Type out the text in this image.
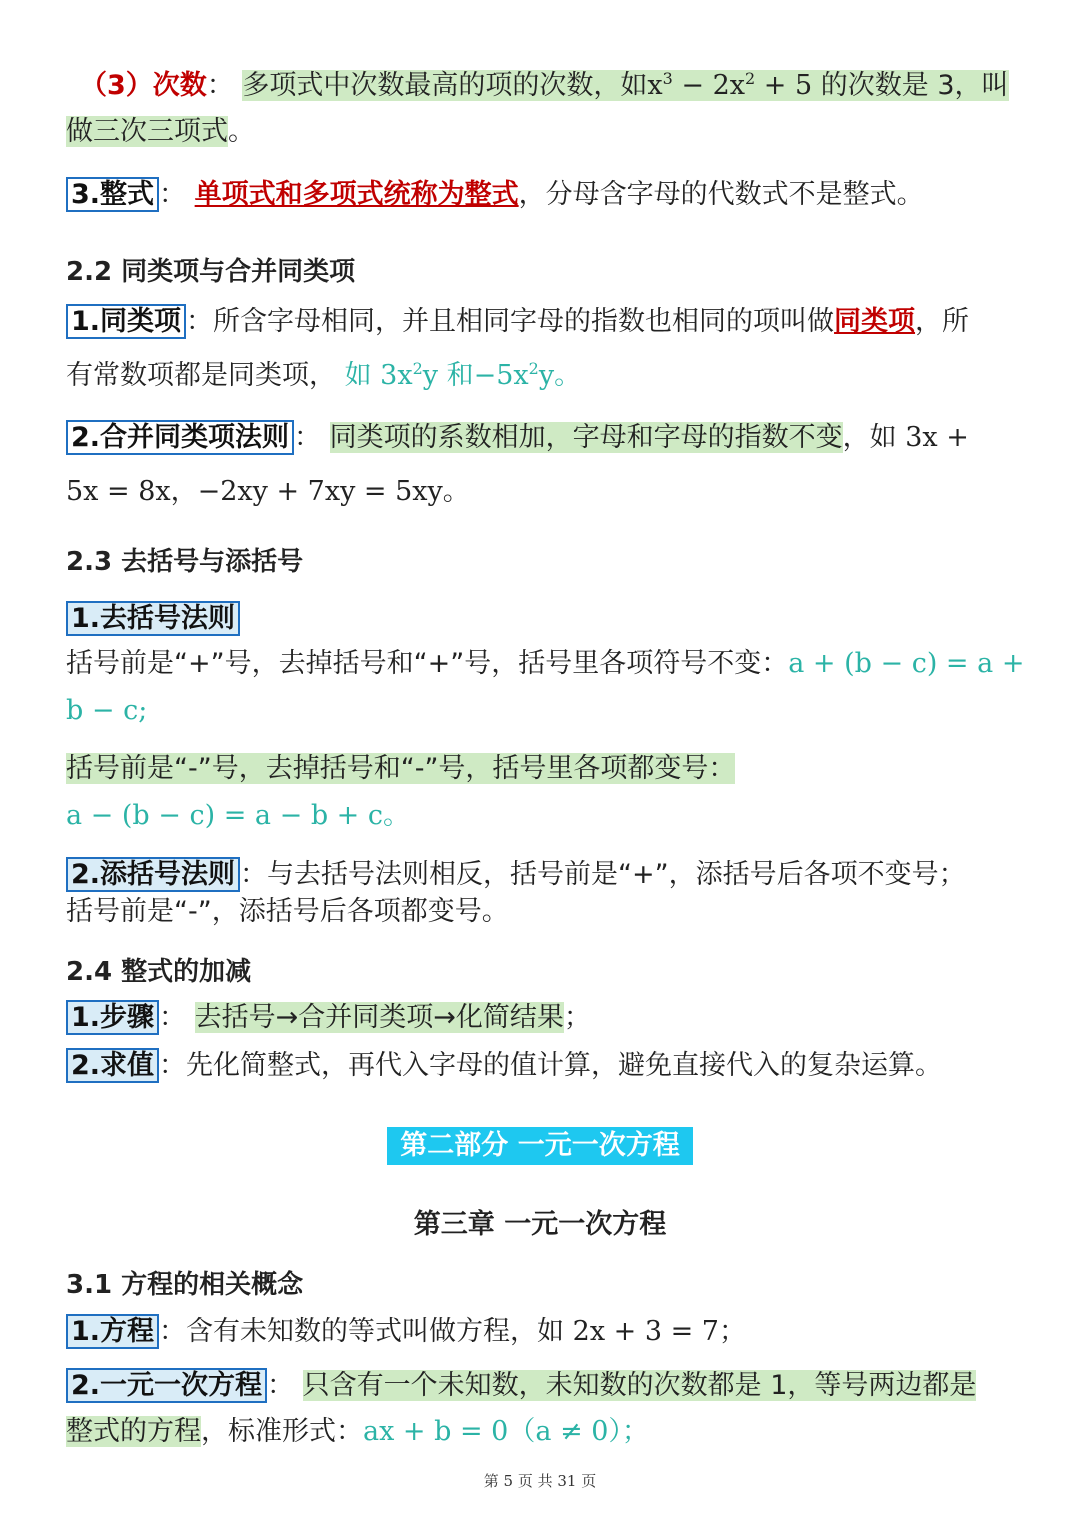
（3）次数： 多项式中次数最高的项的次数，如$x^3 - 2x^2 + 5$ 的次数是 3，叫
做三次三项式。
3.整式 ： 单项式和多项式统称为整式，分母含字母的代数式不是整式。
2.2 同类项与合并同类项
1.同类项 ：所含字母相同，并且相同字母的指数也相同的项叫做同类项，所
有常数项都是同类项， 如 $3x^2y$ 和$-5x^2y$。
2.合并同类项法则 ： 同类项的系数相加，字母和字母的指数不变，如 3x +
5x = 8x，−2xy + 7xy = 5xy。
2.3 去括号与添括号
1.去括号法则
括号前是“+”号，去掉括号和“+”号，括号里各项符号不变：a + (b − c) = a +
b − c;
括号前是“-”号，去掉括号和“-”号，括号里各项都变号：
a − (b − c) = a − b + c。
2.添括号法则 ：与去括号法则相反，括号前是“+”，添括号后各项不变号；
括号前是“-”，添括号后各项都变号。
2.4 整式的加减
1.步骤 ： 去括号→合并同类项→化简结果；
2.求值 ：先化简整式，再代入字母的值计算，避免直接代入的复杂运算。
第二部分 一元一次方程
第三章 一元一次方程
3.1 方程的相关概念
1.方程 ：含有未知数的等式叫做方程，如 2x + 3 = 7；
2.一元一次方程 ： 只含有一个未知数，未知数的次数都是 1，等号两边都是
整式的方程，标准形式：ax + b = 0（a ≠ 0）；
第 5 页 共 31 页
